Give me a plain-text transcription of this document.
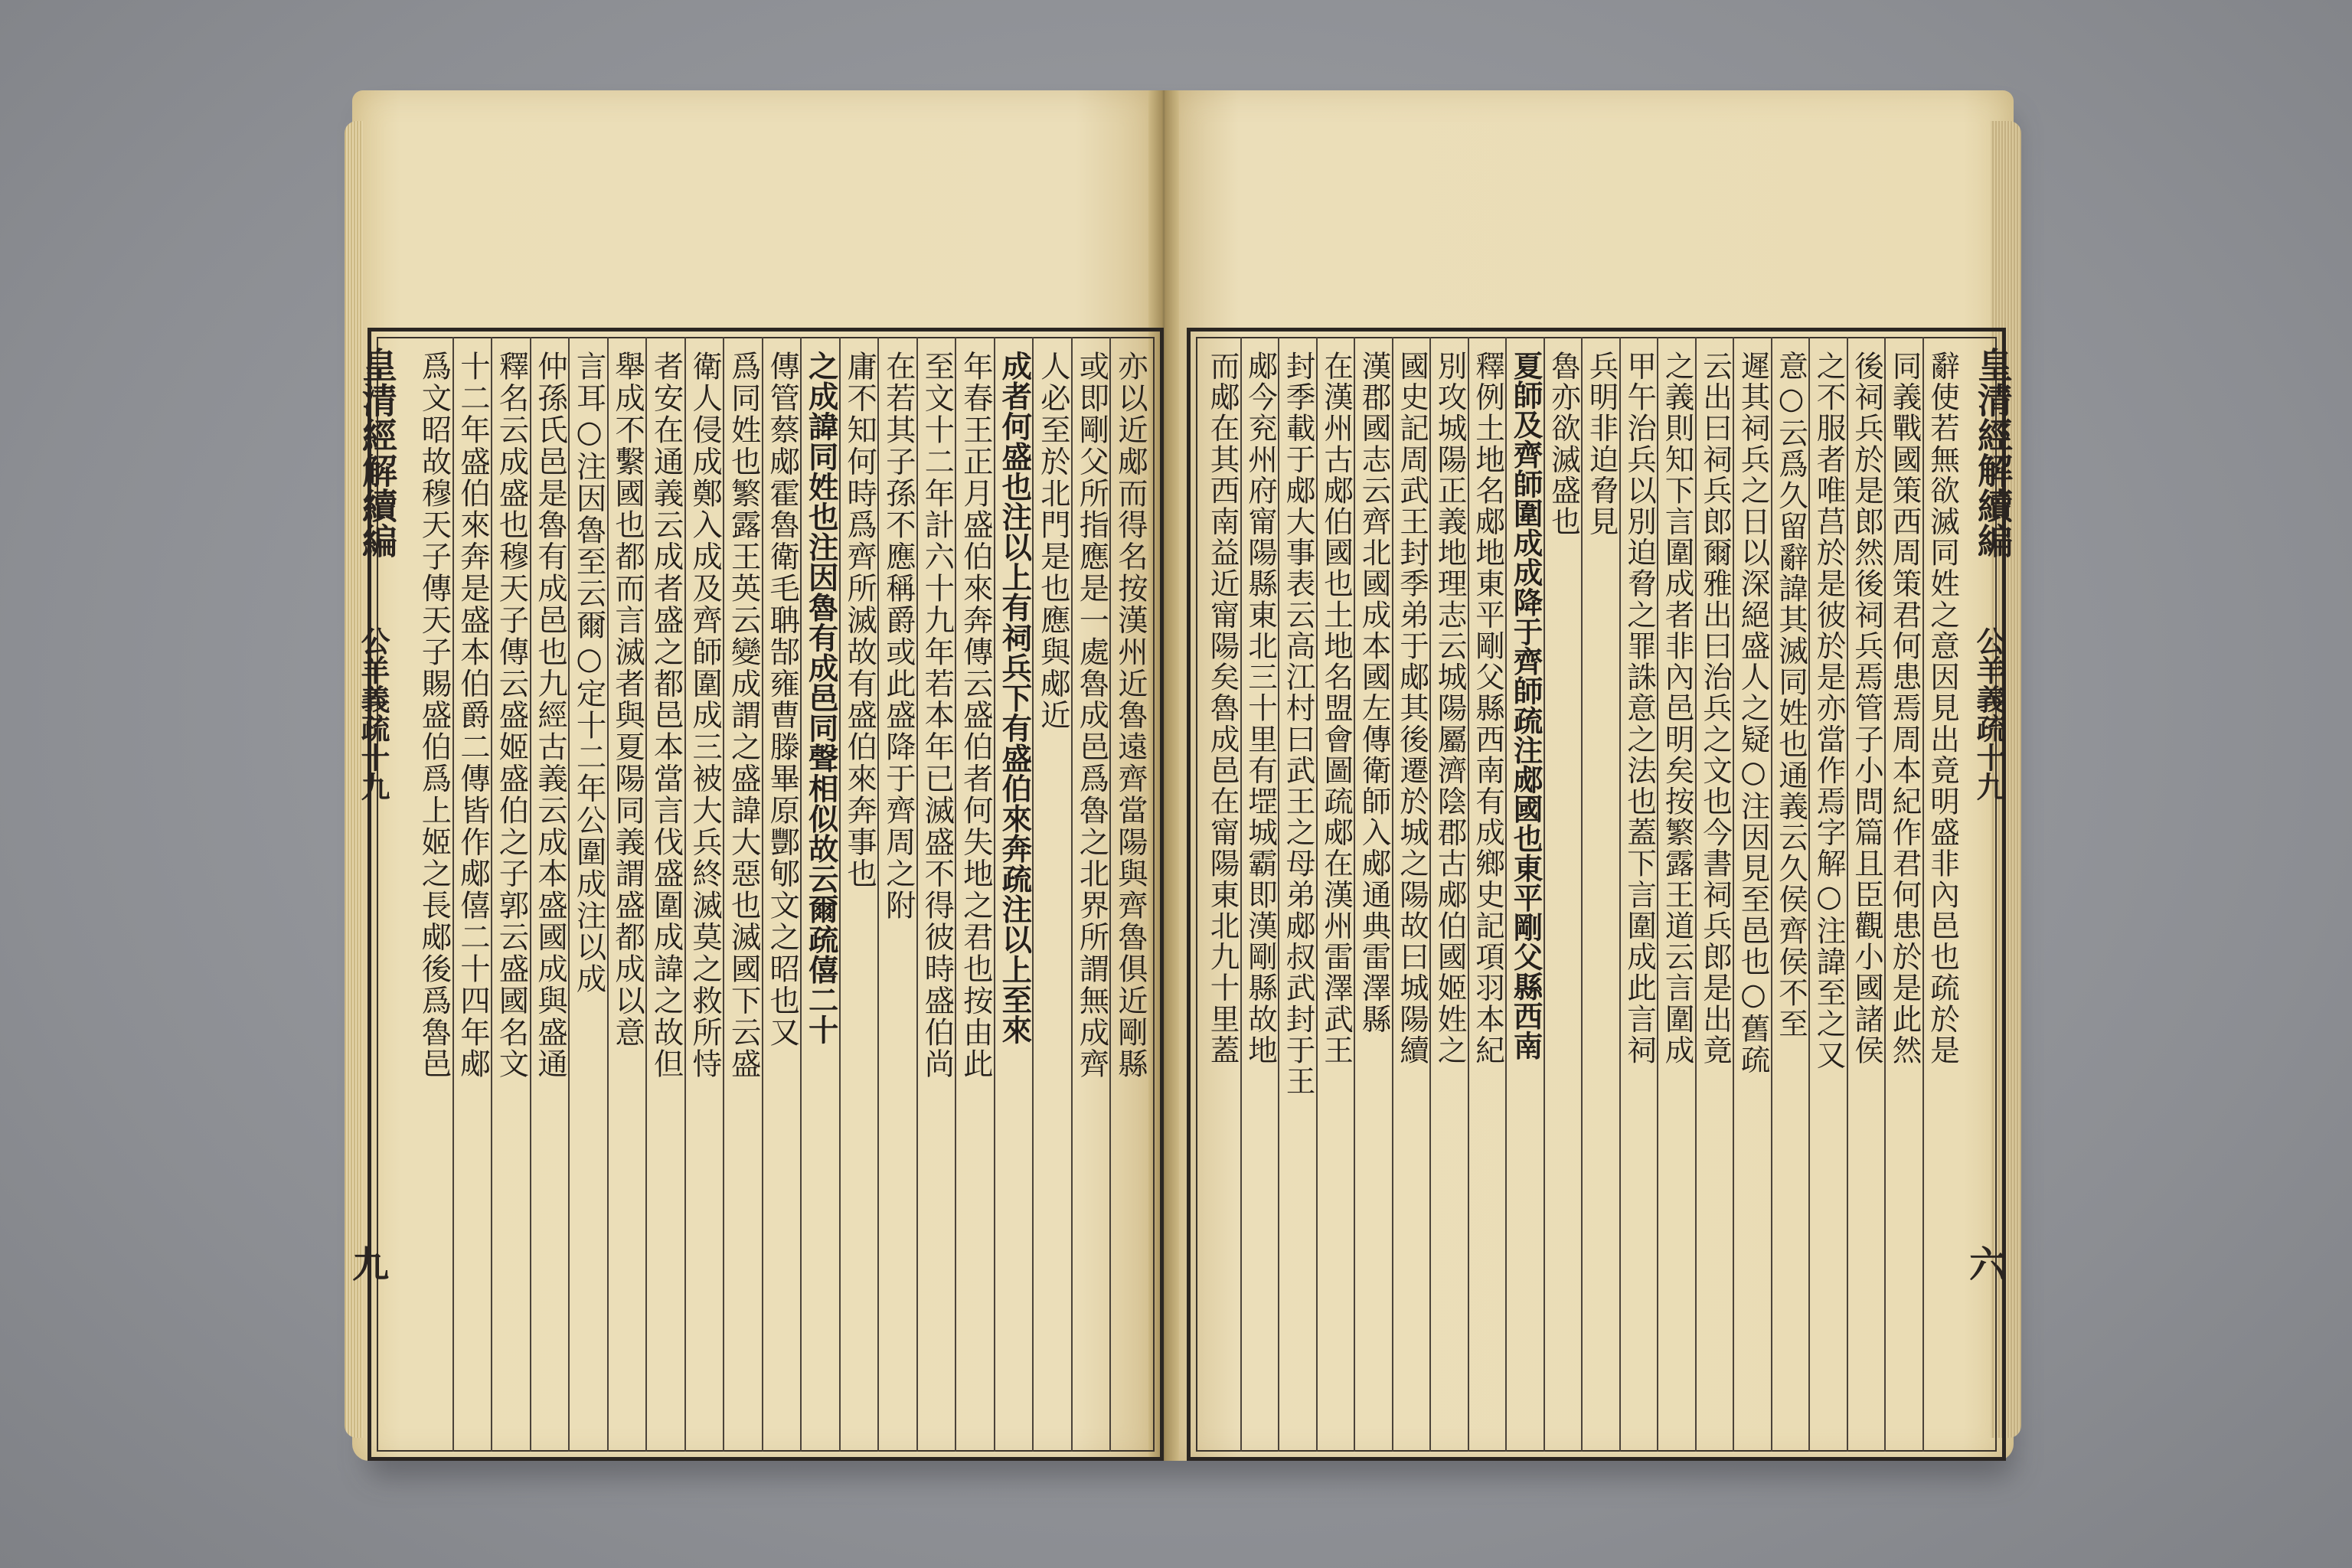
皇清經解續編
公羊義疏十九
九
皇清經解續編
公羊義疏十九
六
亦以近郕而得名按漢州近魯遠齊當陽與齊魯俱近剛縣
或即剛父所指應是一處魯成邑爲魯之北界所謂無成齊
人必至於北門是也應與郕近
成者何盛也注以上有祠兵下有盛伯來奔疏注以上至來
年春王正月盛伯來奔傳云盛伯者何失地之君也按由此
至文十二年計六十九年若本年已滅盛不得彼時盛伯尚
在若其子孫不應稱爵或此盛降于齊周之附
庸不知何時爲齊所滅故有盛伯來奔事也
之成諱同姓也注因魯有成邑同聲相似故云爾疏僖二十
傳管蔡郕霍魯衛毛聃郜雍曹滕畢原酆郇文之昭也又
爲同姓也繁露王英云變成謂之盛諱大惡也滅國下云盛
衛人侵成鄭入成及齊師圍成三被大兵終滅莫之救所恃
者安在通義云成者盛之都邑本當言伐盛圍成諱之故但
舉成不繫國也都而言滅者與夏陽同義謂盛都成以意
言耳○注因魯至云爾○定十二年公圍成注以成
仲孫氏邑是魯有成邑也九經古義云成本盛國成與盛通
釋名云成盛也穆天子傳云盛姬盛伯之子郭云盛國名文
十二年盛伯來奔是盛本伯爵二傳皆作郕僖二十四年郕
爲文昭故穆天子傳天子賜盛伯爲上姬之長郕後爲魯邑	辭使若無欲滅同姓之意因見出竟明盛非內邑也疏於是
同義戰國策西周策君何患焉周本紀作君何患於是此然
後祠兵於是郎然後祠兵焉管子小問篇且臣觀小國諸侯
之不服者唯莒於是彼於是亦當作焉字解○注諱至之又
意○云爲久留辭諱其滅同姓也通義云久侯齊侯不至
遲其祠兵之日以深絕盛人之疑○注因見至邑也○舊疏
云出曰祠兵郎爾雅出曰治兵之文也今書祠兵郎是出竟
之義則知下言圍成者非內邑明矣按繁露王道云言圍成
甲午治兵以別迫脅之罪誅意之法也蓋下言圍成此言祠
兵明非迫脅見
魯亦欲滅盛也
夏師及齊師圍成成降于齊師疏注郕國也東平剛父縣西南
釋例土地名郕地東平剛父縣西南有成鄉史記項羽本紀
別攻城陽正義地理志云城陽屬濟陰郡古郕伯國姬姓之
國史記周武王封季弟于郕其後遷於城之陽故曰城陽續
漢郡國志云齊北國成本國左傳衛師入郕通典雷澤縣
在漢州古郕伯國也土地名盟會圖疏郕在漢州雷澤武王
封季載于郕大事表云高江村曰武王之母弟郕叔武封于王
郕今兖州府甯陽縣東北三十里有堽城霸即漢剛縣故地
而郕在其西南益近甯陽矣魯成邑在甯陽東北九十里蓋
